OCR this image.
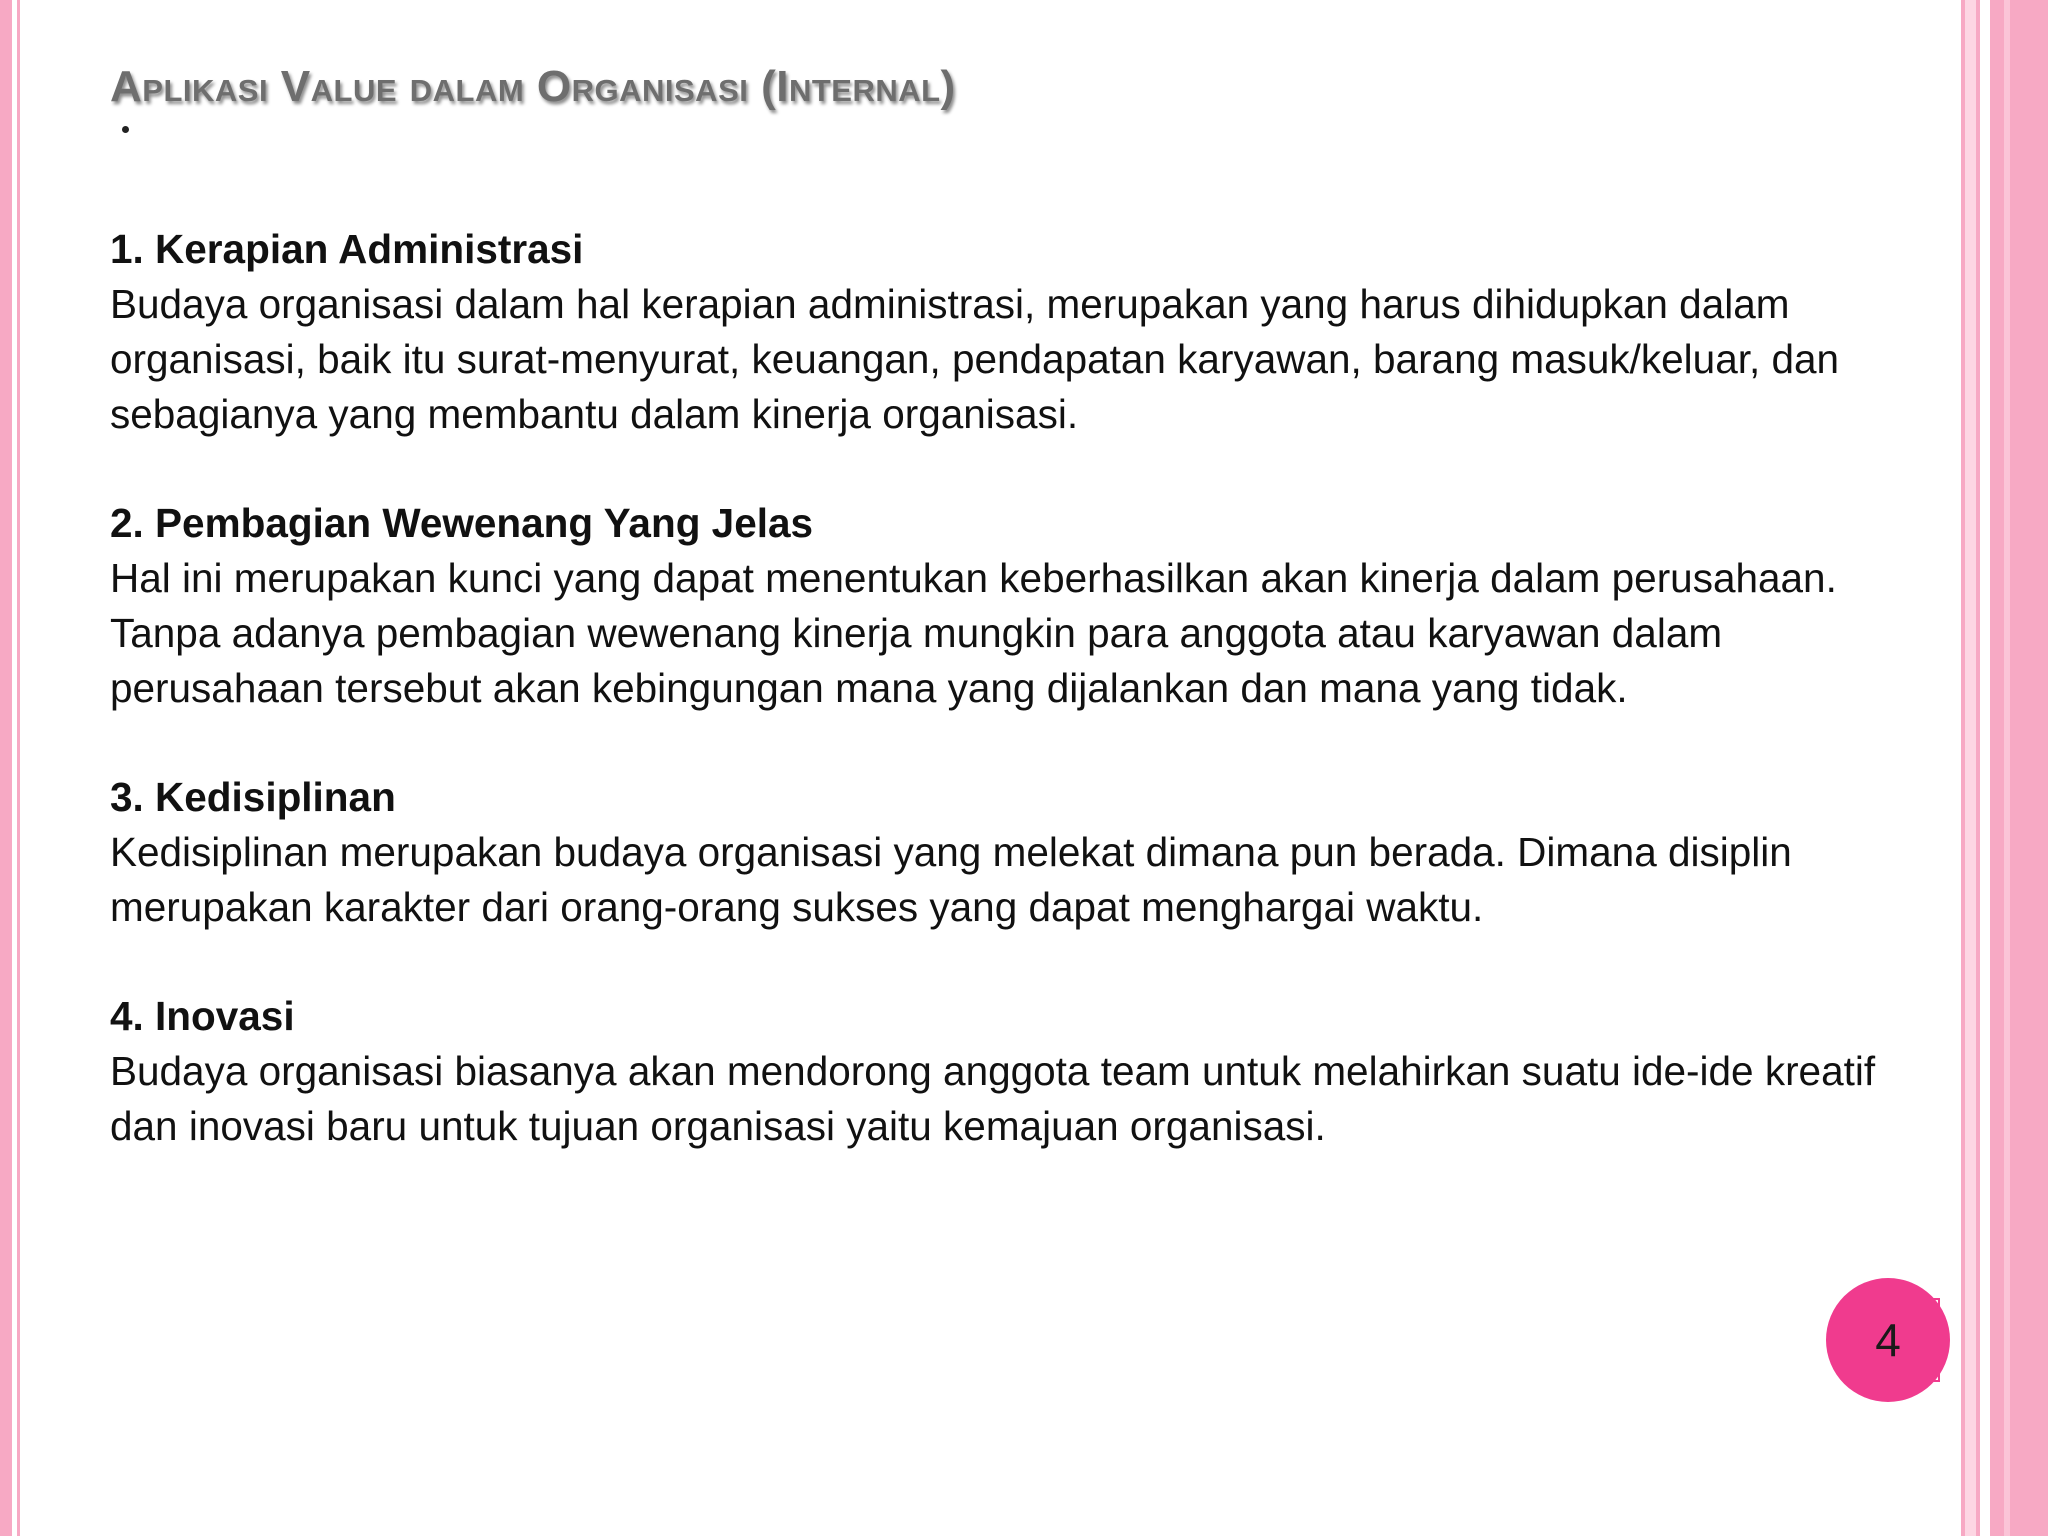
Aplikasi Value dalam Organisasi (Internal)

1. Kerapian Administrasi

Budaya organisasi dalam hal kerapian administrasi, merupakan yang harus dihidupkan dalam organisasi, baik itu surat-menyurat, keuangan, pendapatan karyawan, barang masuk/keluar, dan sebagianya yang membantu dalam kinerja organisasi.

2. Pembagian Wewenang Yang Jelas

Hal ini merupakan kunci yang dapat menentukan keberhasilkan akan kinerja dalam perusahaan. Tanpa adanya pembagian wewenang kinerja mungkin para anggota atau karyawan dalam perusahaan tersebut akan kebingungan mana yang dijalankan dan mana yang tidak.

3. Kedisiplinan

Kedisiplinan merupakan budaya organisasi yang melekat dimana pun berada. Dimana disiplin merupakan karakter dari orang-orang sukses yang dapat menghargai waktu.

4. Inovasi

Budaya organisasi biasanya akan mendorong anggota team untuk melahirkan suatu ide-ide kreatif dan inovasi baru untuk tujuan organisasi yaitu kemajuan organisasi.

4
